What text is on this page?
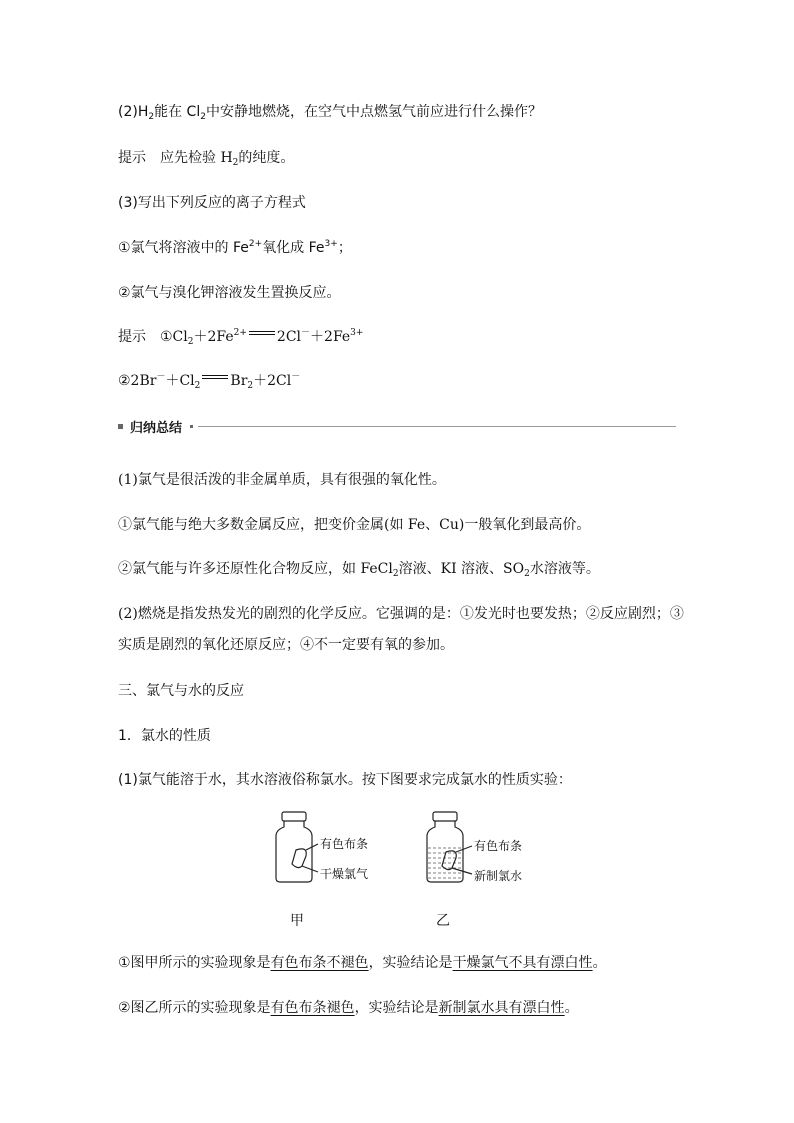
$(2)H_2$能在 $Cl_2$中安静地燃烧，在空气中点燃氢气前应进行什么操作？
提示 应先检验 $H_2$的纯度。
(3)写出下列反应的离子方程式
①氯气将溶液中的 $Fe^{2+}$氧化成 $Fe^{3+}$；
②氯气与溴化钾溶液发生置换反应。
提示 $①Cl_2+2Fe^{2+}$ $2Cl^-+2Fe^{3+}$
$②2Br^-+Cl_2$ $Br_2+2Cl^-$
归纳总结
(1)氯气是很活泼的非金属单质，具有很强的氧化性。
①氯气能与绝大多数金属反应，把变价金属(如 Fe、Cu)一般氧化到最高价。
②氯气能与许多还原性化合物反应，如 FeCl$_2$溶液、KI 溶液、$SO_2$水溶液等。
(2)燃烧是指发热发光的剧烈的化学反应。它强调的是：①发光时也要发热；②反应剧烈；③
实质是剧烈的氧化还原反应；④不一定要有氧的参加。
三、氯气与水的反应
1．氯水的性质
(1)氯气能溶于水，其水溶液俗称氯水。按下图要求完成氯水的性质实验：
有色布条
干燥氯气
有色布条
新制氯水
甲	乙
①图甲所示的实验现象是有色布条不褪色，实验结论是干燥氯气不具有漂白性。
②图乙所示的实验现象是有色布条褪色，实验结论是新制氯水具有漂白性。
